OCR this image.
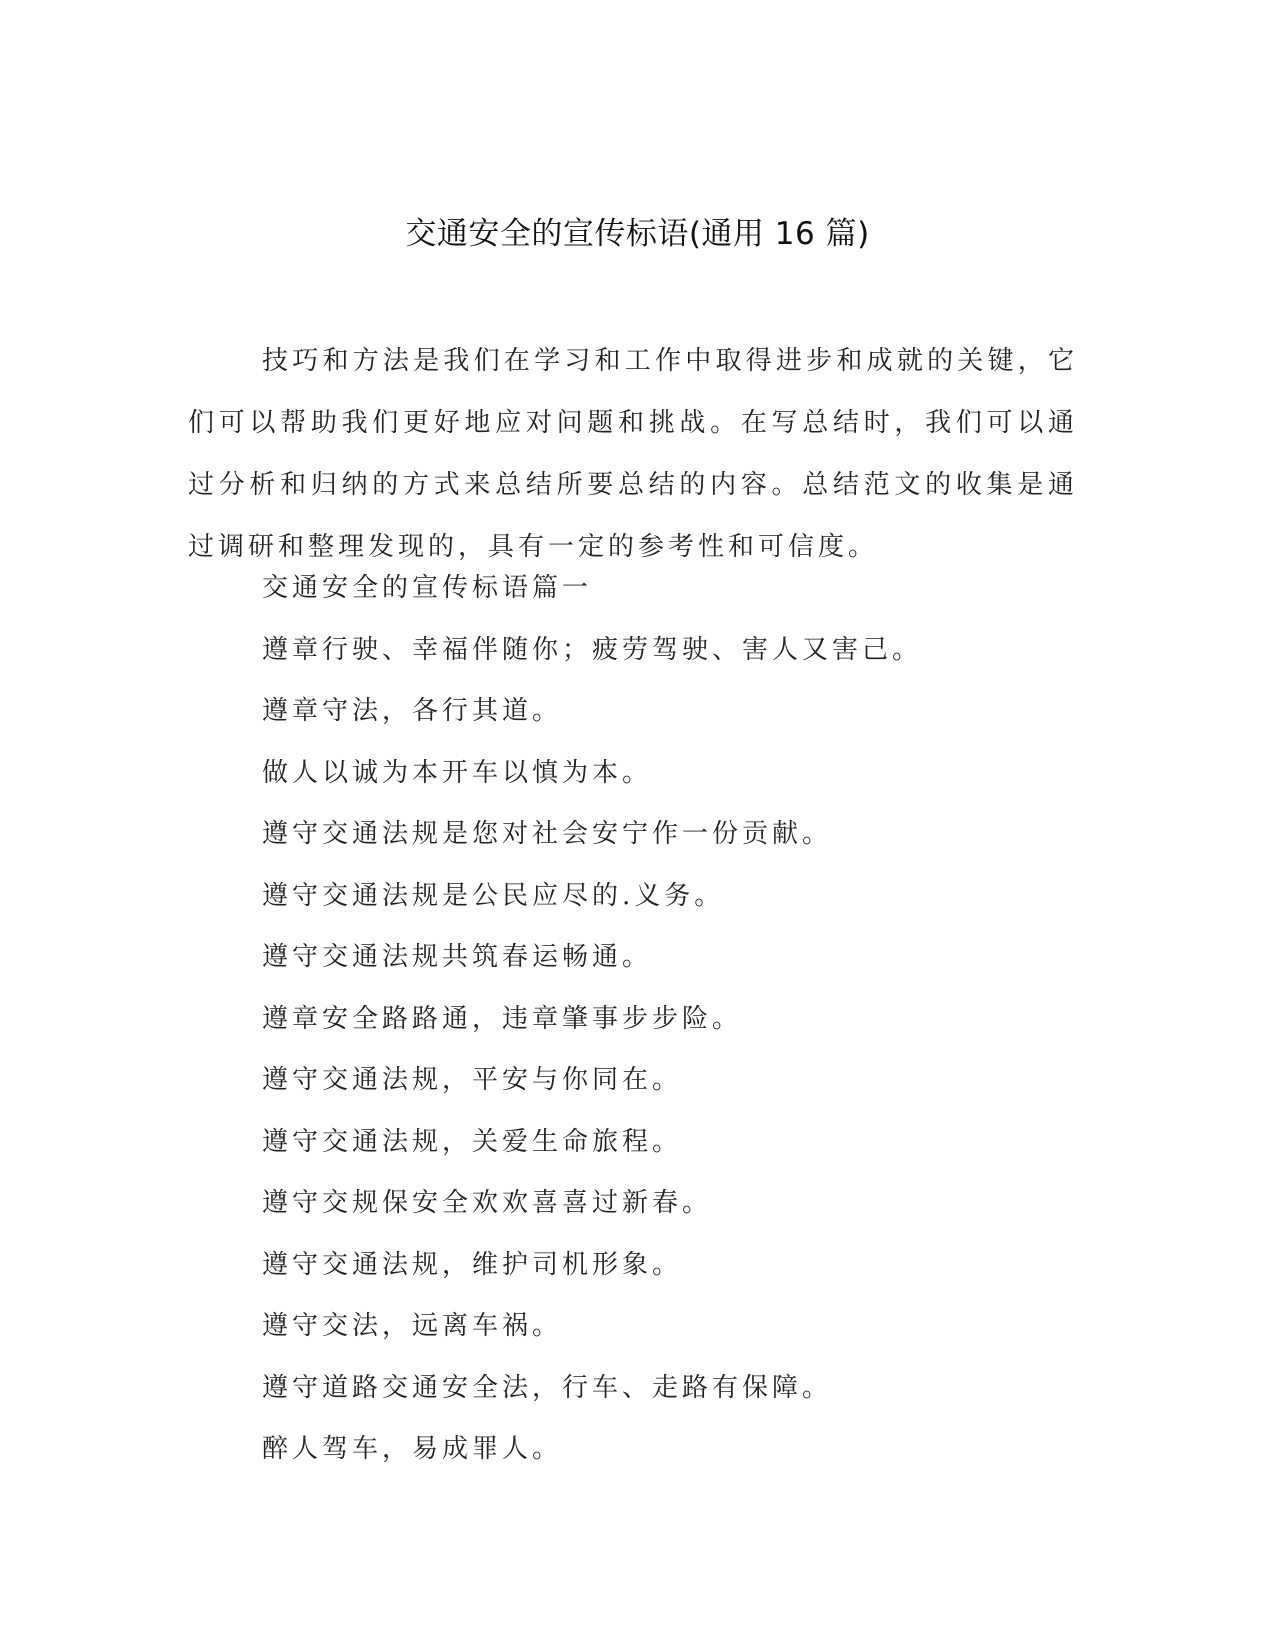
交通安全的宣传标语(通用 16 篇)

技巧和方法是我们在学习和工作中取得进步和成就的关键，它们可以帮助我们更好地应对问题和挑战。在写总结时，我们可以通过分析和归纳的方式来总结所要总结的内容。总结范文的收集是通过调研和整理发现的，具有一定的参考性和可信度。

交通安全的宣传标语篇一
遵章行驶、幸福伴随你；疲劳驾驶、害人又害己。
遵章守法，各行其道。
做人以诚为本开车以慎为本。
遵守交通法规是您对社会安宁作一份贡献。
遵守交通法规是公民应尽的.义务。
遵守交通法规共筑春运畅通。
遵章安全路路通，违章肇事步步险。
遵守交通法规，平安与你同在。
遵守交通法规，关爱生命旅程。
遵守交规保安全欢欢喜喜过新春。
遵守交通法规，维护司机形象。
遵守交法，远离车祸。
遵守道路交通安全法，行车、走路有保障。
醉人驾车，易成罪人。
